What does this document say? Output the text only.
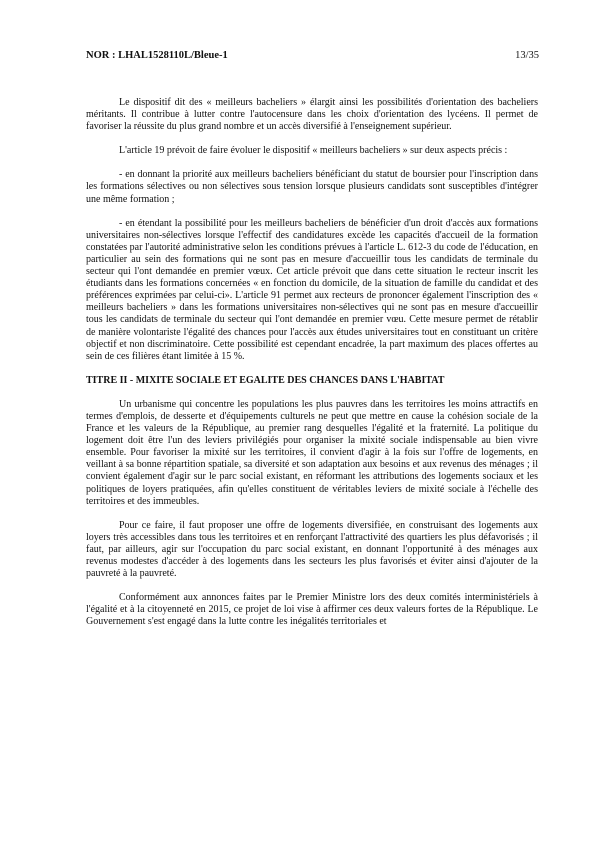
NOR : LHAL1528110L/Bleue-1	13/35

Le dispositif dit des « meilleurs bacheliers » élargit ainsi les possibilités d'orientation des bacheliers méritants. Il contribue à lutter contre l'autocensure dans les choix d'orientation des lycéens. Il permet de favoriser la réussite du plus grand nombre et un accès diversifié à l'enseignement supérieur.

L'article 19 prévoit de faire évoluer le dispositif « meilleurs bacheliers » sur deux aspects précis :

- en donnant la priorité aux meilleurs bacheliers bénéficiant du statut de boursier pour l'inscription dans les formations sélectives ou non sélectives sous tension lorsque plusieurs candidats sont susceptibles d'intégrer une même formation ;

- en étendant la possibilité pour les meilleurs bacheliers de bénéficier d'un droit d'accès aux formations universitaires non-sélectives lorsque l'effectif des candidatures excède les capacités d'accueil de la formation constatées par l'autorité administrative selon les conditions prévues à l'article L. 612-3 du code de l'éducation, en particulier au sein des formations qui ne sont pas en mesure d'accueillir tous les candidats de terminale du secteur qui l'ont demandée en premier vœux. Cet article prévoit que dans cette situation le recteur inscrit les étudiants dans les formations concernées « en fonction du domicile, de la situation de famille du candidat et des préférences exprimées par celui-ci». L'article 91 permet aux recteurs de prononcer également l'inscription des « meilleurs bacheliers » dans les formations universitaires non-sélectives qui ne sont pas en mesure d'accueillir tous les candidats de terminale du secteur qui l'ont demandée en premier vœu. Cette mesure permet de rétablir de manière volontariste l'égalité des chances pour l'accès aux études universitaires tout en constituant un critère objectif et non discriminatoire. Cette possibilité est cependant encadrée, la part maximum des places offertes au sein de ces filières étant limitée à 15 %.

TITRE II - MIXITE SOCIALE ET EGALITE DES CHANCES DANS L'HABITAT

Un urbanisme qui concentre les populations les plus pauvres dans les territoires les moins attractifs en termes d'emplois, de desserte et d'équipements culturels ne peut que mettre en cause la cohésion sociale de la France et les valeurs de la République, au premier rang desquelles l'égalité et la fraternité. La politique du logement doit être l'un des leviers privilégiés pour organiser la mixité sociale indispensable au bien vivre ensemble. Pour favoriser la mixité sur les territoires, il convient d'agir à la fois sur l'offre de logements, en veillant à sa bonne répartition spatiale, sa diversité et son adaptation aux besoins et aux revenus des ménages ; il convient également d'agir sur le parc social existant, en réformant les attributions des logements sociaux et les politiques de loyers pratiquées, afin qu'elles constituent de véritables leviers de mixité sociale à l'échelle des territoires et des immeubles.

Pour ce faire, il faut proposer une offre de logements diversifiée, en construisant des logements aux loyers très accessibles dans tous les territoires et en renforçant l'attractivité des quartiers les plus défavorisés ; il faut, par ailleurs, agir sur l'occupation du parc social existant, en donnant l'opportunité à des ménages aux revenus modestes d'accéder à des logements dans les secteurs les plus favorisés et éviter ainsi d'ajouter de la pauvreté à la pauvreté.

Conformément aux annonces faites par le Premier Ministre lors des deux comités interministériels à l'égalité et à la citoyenneté en 2015, ce projet de loi vise à affirmer ces deux valeurs fortes de la République. Le Gouvernement s'est engagé dans la lutte contre les inégalités territoriales et
